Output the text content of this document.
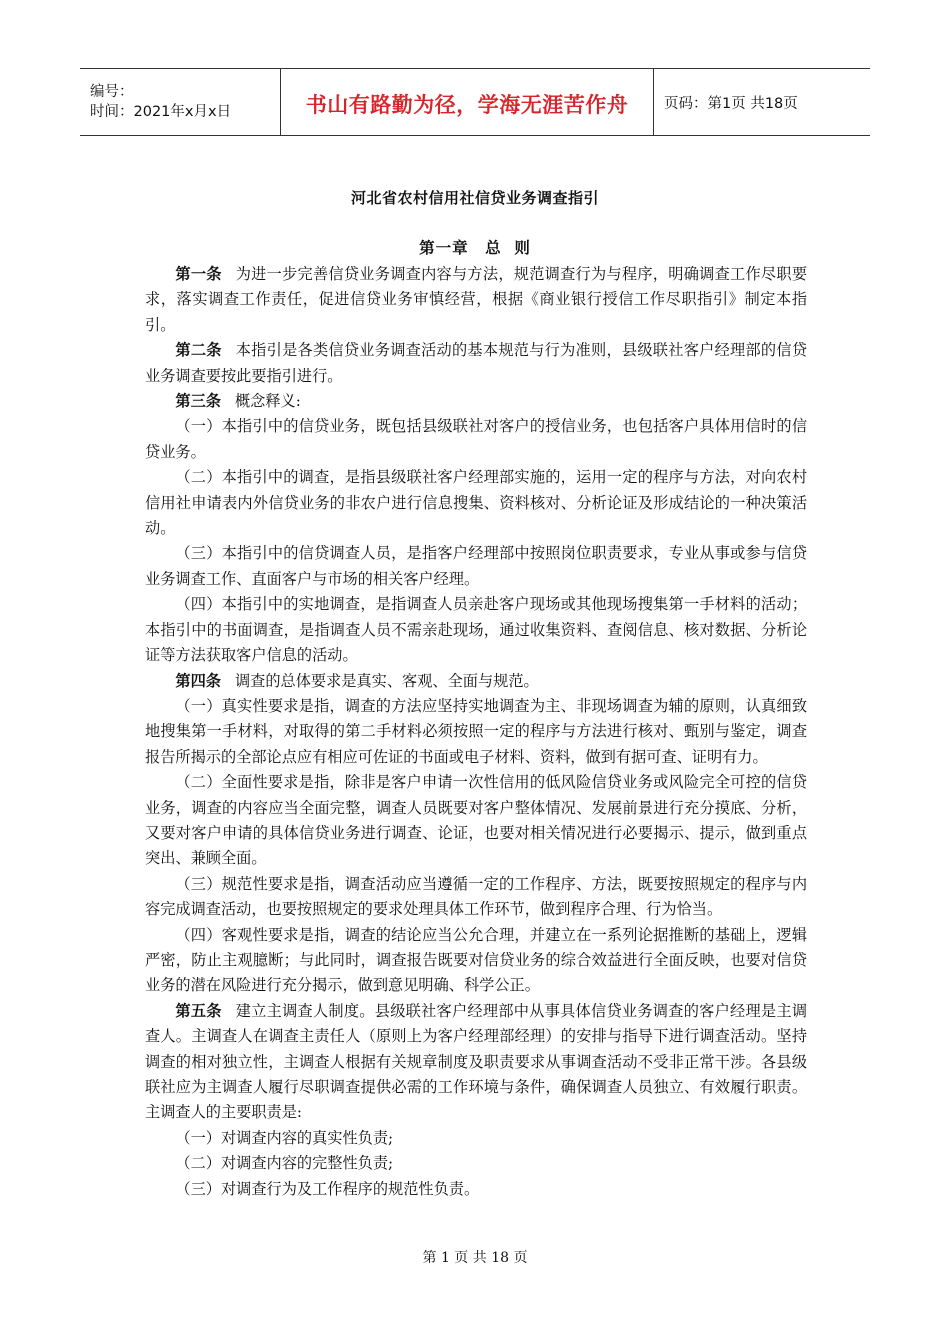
编号：
时间：2021年x月x日	书山有路勤为径，学海无涯苦作舟 页码：第1页 共18页
河北省农村信用社信贷业务调查指引
第一章　总  则

第一条 为进一步完善信贷业务调查内容与方法，规范调查行为与程序，明确调查工作尽职要求，落实调查工作责任，促进信贷业务审慎经营，根据《商业银行授信工作尽职指引》制定本指引。

第二条 本指引是各类信贷业务调查活动的基本规范与行为准则，县级联社客户经理部的信贷业务调查要按此要指引进行。

第三条 概念释义:

（一）本指引中的信贷业务，既包括县级联社对客户的授信业务，也包括客户具体用信时的信贷业务。

（二）本指引中的调查，是指县级联社客户经理部实施的，运用一定的程序与方法，对向农村信用社申请表内外信贷业务的非农户进行信息搜集、资料核对、分析论证及形成结论的一种决策活动。

（三）本指引中的信贷调查人员，是指客户经理部中按照岗位职责要求，专业从事或参与信贷业务调查工作、直面客户与市场的相关客户经理。

（四）本指引中的实地调查，是指调查人员亲赴客户现场或其他现场搜集第一手材料的活动；本指引中的书面调查，是指调查人员不需亲赴现场，通过收集资料、查阅信息、核对数据、分析论证等方法获取客户信息的活动。

第四条 调查的总体要求是真实、客观、全面与规范。

（一）真实性要求是指，调查的方法应坚持实地调查为主、非现场调查为辅的原则，认真细致地搜集第一手材料，对取得的第二手材料必须按照一定的程序与方法进行核对、甄别与鉴定，调查报告所揭示的全部论点应有相应可佐证的书面或电子材料、资料，做到有据可查、证明有力。

（二）全面性要求是指，除非是客户申请一次性信用的低风险信贷业务或风险完全可控的信贷业务，调查的内容应当全面完整，调查人员既要对客户整体情况、发展前景进行充分摸底、分析，又要对客户申请的具体信贷业务进行调查、论证，也要对相关情况进行必要揭示、提示，做到重点突出、兼顾全面。

（三）规范性要求是指，调查活动应当遵循一定的工作程序、方法，既要按照规定的程序与内容完成调查活动，也要按照规定的要求处理具体工作环节，做到程序合理、行为恰当。

（四）客观性要求是指，调查的结论应当公允合理，并建立在一系列论据推断的基础上，逻辑严密，防止主观臆断；与此同时，调查报告既要对信贷业务的综合效益进行全面反映，也要对信贷业务的潜在风险进行充分揭示，做到意见明确、科学公正。

第五条 建立主调查人制度。县级联社客户经理部中从事具体信贷业务调查的客户经理是主调查人。主调查人在调查主责任人（原则上为客户经理部经理）的安排与指导下进行调查活动。坚持调查的相对独立性，主调查人根据有关规章制度及职责要求从事调查活动不受非正常干涉。各县级联社应为主调查人履行尽职调查提供必需的工作环境与条件，确保调查人员独立、有效履行职责。主调查人的主要职责是:

（一）对调查内容的真实性负责;

（二）对调查内容的完整性负责;

（三）对调查行为及工作程序的规范性负责。

第 1 页 共 18 页
